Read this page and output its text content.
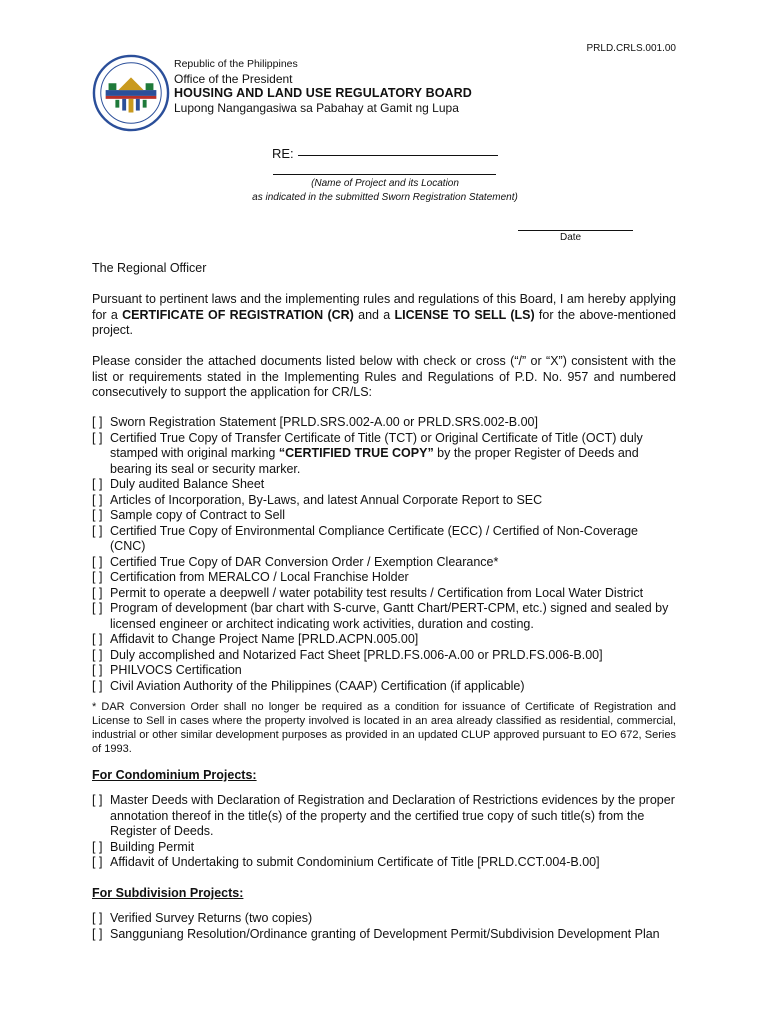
PRLD.CRLS.001.00
Republic of the Philippines
Office of the President
HOUSING AND LAND USE REGULATORY BOARD
Lupong Nangangasiwa sa Pabahay at Gamit ng Lupa
RE:
(Name of Project and its Location
as indicated in the submitted Sworn Registration Statement)
Date
The Regional Officer
Pursuant to pertinent laws and the implementing rules and regulations of this Board, I am hereby applying for a CERTIFICATE OF REGISTRATION (CR) and a LICENSE TO SELL (LS) for the above-mentioned project.
Please consider the attached documents listed below with check or cross (“/” or “X”) consistent with the list or requirements stated in the Implementing Rules and Regulations of P.D. No. 957 and numbered consecutively to support the application for CR/LS:
[ ] Sworn Registration Statement [PRLD.SRS.002-A.00 or PRLD.SRS.002-B.00]
[ ] Certified True Copy of Transfer Certificate of Title (TCT) or Original Certificate of Title (OCT) duly stamped with original marking “CERTIFIED TRUE COPY” by the proper Register of Deeds and bearing its seal or security marker.
[ ] Duly audited Balance Sheet
[ ] Articles of Incorporation, By-Laws, and latest Annual Corporate Report to SEC
[ ] Sample copy of Contract to Sell
[ ] Certified True Copy of Environmental Compliance Certificate (ECC) / Certified of Non-Coverage (CNC)
[ ] Certified True Copy of DAR Conversion Order / Exemption Clearance*
[ ] Certification from MERALCO / Local Franchise Holder
[ ] Permit to operate a deepwell / water potability test results / Certification from Local Water District
[ ] Program of development (bar chart with S-curve, Gantt Chart/PERT-CPM, etc.) signed and sealed by licensed engineer or architect indicating work activities, duration and costing.
[ ] Affidavit to Change Project Name [PRLD.ACPN.005.00]
[ ] Duly accomplished and Notarized Fact Sheet [PRLD.FS.006-A.00 or PRLD.FS.006-B.00]
[ ] PHILVOCS Certification
[ ] Civil Aviation Authority of the Philippines (CAAP) Certification (if applicable)
* DAR Conversion Order shall no longer be required as a condition for issuance of Certificate of Registration and License to Sell in cases where the property involved is located in an area already classified as residential, commercial, industrial or other similar development purposes as provided in an updated CLUP approved pursuant to EO 672, Series of 1993.
For Condominium Projects:
[ ] Master Deeds with Declaration of Registration and Declaration of Restrictions evidences by the proper annotation thereof in the title(s) of the property and the certified true copy of such title(s) from the Register of Deeds.
[ ] Building Permit
[ ] Affidavit of Undertaking to submit Condominium Certificate of Title [PRLD.CCT.004-B.00]
For Subdivision Projects:
[ ] Verified Survey Returns (two copies)
[ ] Sangguniang Resolution/Ordinance granting of Development Permit/Subdivision Development Plan
